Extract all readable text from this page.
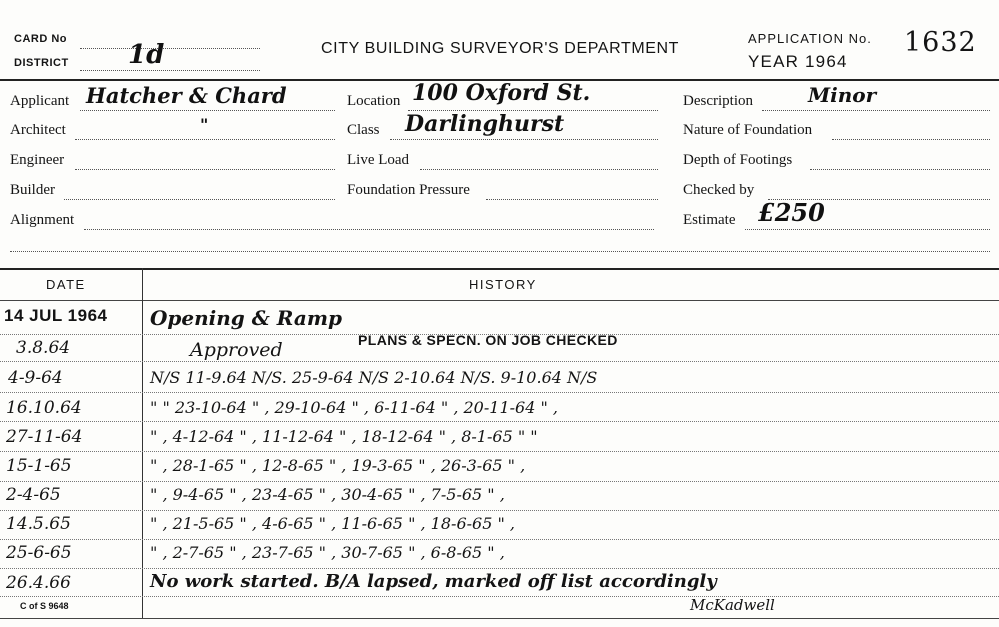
CARD No
DISTRICT 1d	CITY BUILDING SURVEYOR'S DEPARTMENT
APPLICATION No.
YEAR 1964
1632
Applicant Hatcher & Chard
Architect	"
Engineer
Builder
Alignment
Location 100 Oxford St.
Class Darlinghurst
Live Load
Foundation Pressure
Description	Minor
Nature of Foundation
Depth of Footings
Checked by
Estimate £250
DATE	HISTORY
14 JUL 1964 Opening & Ramp
3.8.64	Approved	PLANS & SPECN. ON JOB CHECKED
4-9-64	N/S 11-9.64 N/S. 25-9-64 N/S 2-10.64 N/S. 9-10.64 N/S
16.10.64	" " 23-10-64 " , 29-10-64 " , 6-11-64 " , 20-11-64 " ,
27-11-64	" , 4-12-64 " , 11-12-64 " , 18-12-64 " , 8-1-65 " "
15-1-65	" , 28-1-65 " , 12-8-65 " , 19-3-65 " , 26-3-65 " ,
2-4-65	" , 9-4-65 " , 23-4-65 " , 30-4-65 " , 7-5-65 " ,
14.5.65	" , 21-5-65 " , 4-6-65 " , 11-6-65 " , 18-6-65 " ,
25-6-65	" , 2-7-65 " , 23-7-65 " , 30-7-65 " , 6-8-65 " ,
26.4.66	No work started. B/A lapsed, marked off list accordingly
McKadwell
C of S 9648
